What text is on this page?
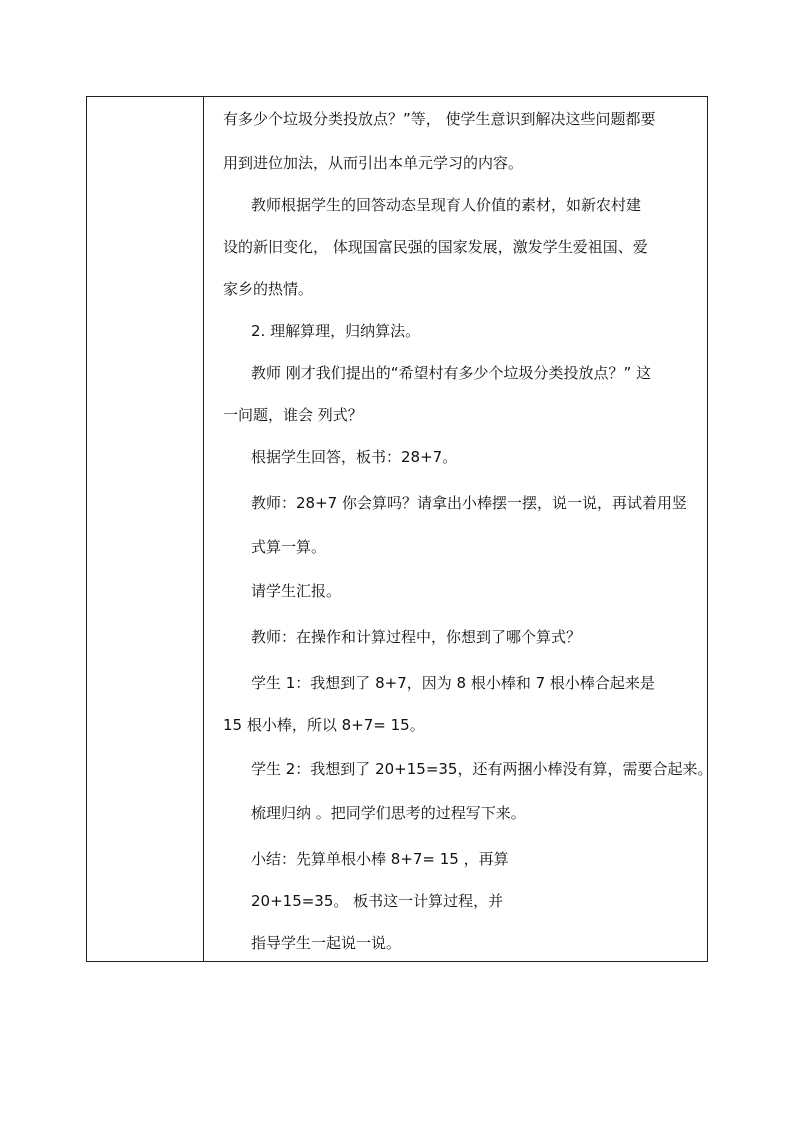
有多少个垃圾分类投放点？”等， 使学生意识到解决这些问题都要
用到进位加法，从而引出本单元学习的内容。
教师根据学生的回答动态呈现育人价值的素材，如新农村建
设的新旧变化， 体现国富民强的国家发展，激发学生爱祖国、爱
家乡的热情。
2. 理解算理，归纳算法。
教师 刚才我们提出的“希望村有多少个垃圾分类投放点？” 这
一问题，谁会 列式？
根据学生回答，板书：28+7。
教师：28+7 你会算吗？请拿出小棒摆一摆，说一说，再试着用竖
式算一算。
请学生汇报。
教师：在操作和计算过程中，你想到了哪个算式？
学生 1：我想到了 8+7，因为 8 根小棒和 7 根小棒合起来是
15 根小棒，所以 8+7= 15。
学生 2：我想到了 20+15=35，还有两捆小棒没有算，需要合起来。
梳理归纳 。把同学们思考的过程写下来。
小结：先算单根小棒 8+7= 15 ，再算
20+15=35。 板书这一计算过程，并
指导学生一起说一说。
